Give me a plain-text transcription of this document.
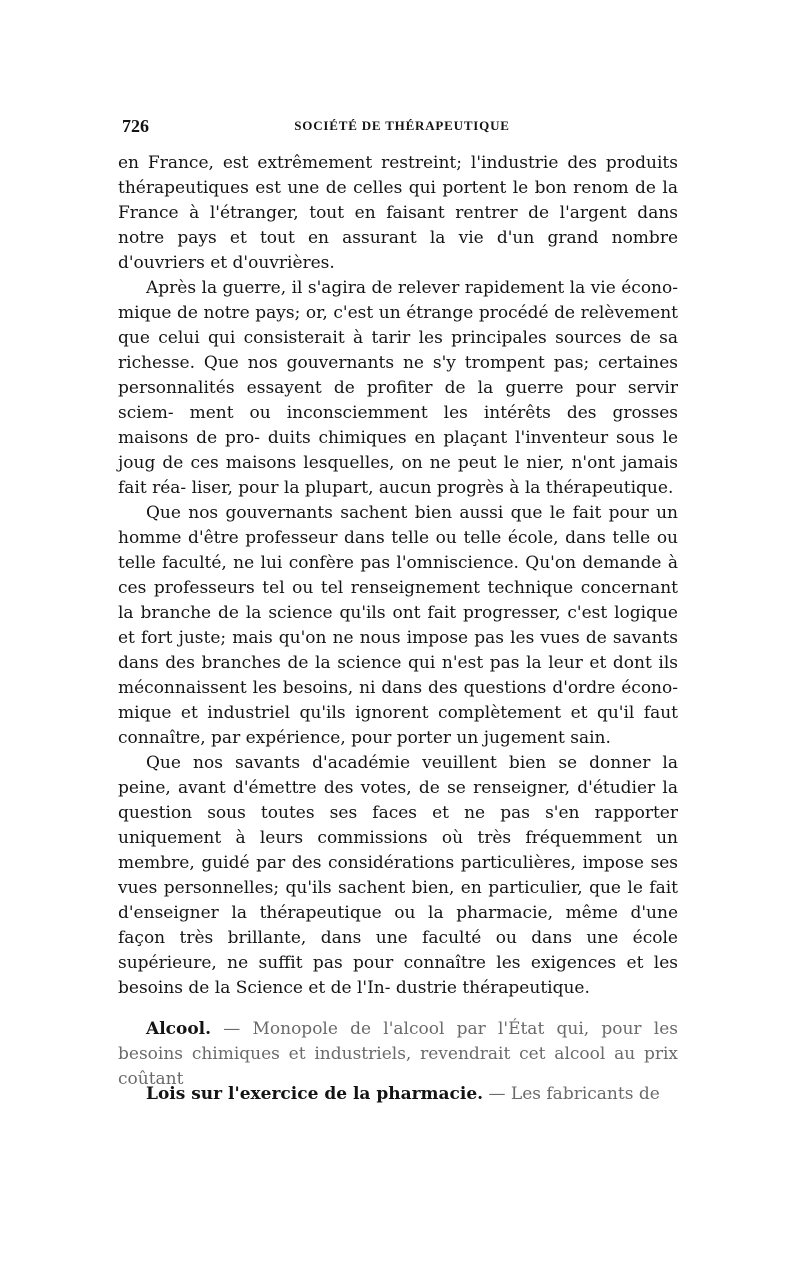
726	SOCIÉTÉ DE THÉRAPEUTIQUE

en France, est extrêmement restreint; l'industrie des produits thérapeutiques est une de celles qui portent le bon renom de la France à l'étranger, tout en faisant rentrer de l'argent dans notre pays et tout en assurant la vie d'un grand nombre d'ouvriers et d'ouvrières.

Après la guerre, il s'agira de relever rapidement la vie écono- mique de notre pays; or, c'est un étrange procédé de relèvement que celui qui consisterait à tarir les principales sources de sa richesse. Que nos gouvernants ne s'y trompent pas; certaines personnalités essayent de profiter de la guerre pour servir sciem- ment ou inconsciemment les intérêts des grosses maisons de pro- duits chimiques en plaçant l'inventeur sous le joug de ces maisons lesquelles, on ne peut le nier, n'ont jamais fait réa- liser, pour la plupart, aucun progrès à la thérapeutique.

Que nos gouvernants sachent bien aussi que le fait pour un homme d'être professeur dans telle ou telle école, dans telle ou telle faculté, ne lui confère pas l'omniscience. Qu'on demande à ces professeurs tel ou tel renseignement technique concernant la branche de la science qu'ils ont fait progresser, c'est logique et fort juste; mais qu'on ne nous impose pas les vues de savants dans des branches de la science qui n'est pas la leur et dont ils méconnaissent les besoins, ni dans des questions d'ordre écono- mique et industriel qu'ils ignorent complètement et qu'il faut connaître, par expérience, pour porter un jugement sain.

Que nos savants d'académie veuillent bien se donner la peine, avant d'émettre des votes, de se renseigner, d'étudier la question sous toutes ses faces et ne pas s'en rapporter uniquement à leurs commissions où très fréquemment un membre, guidé par des considérations particulières, impose ses vues personnelles; qu'ils sachent bien, en particulier, que le fait d'enseigner la thérapeutique ou la pharmacie, même d'une façon très brillante, dans une faculté ou dans une école supérieure, ne suffit pas pour connaître les exigences et les besoins de la Science et de l'In- dustrie thérapeutique.

Alcool. — Monopole de l'alcool par l'État qui, pour les besoins chimiques et industriels, revendrait cet alcool au prix coûtant
Lois sur l'exercice de la pharmacie. — Les fabricants de
